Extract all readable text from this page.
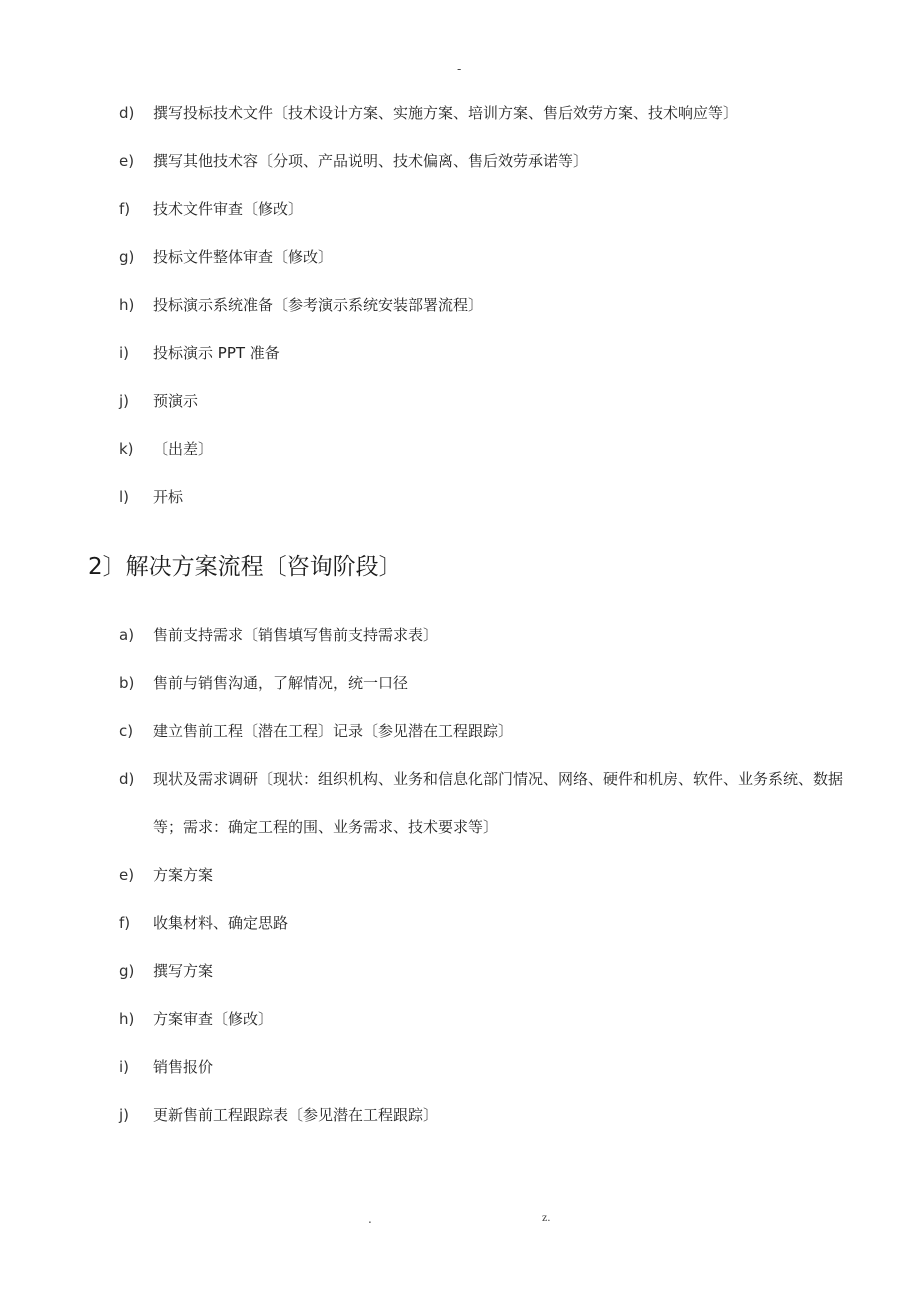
-
d)	撰写投标技术文件〔技术设计方案、实施方案、培训方案、售后效劳方案、技术响应等〕
e)	撰写其他技术容〔分项、产品说明、技术偏离、售后效劳承诺等〕
f)	技术文件审查〔修改〕
g)	投标文件整体审查〔修改〕
h)	投标演示系统准备〔参考演示系统安装部署流程〕
i)	投标演示 PPT 准备
j)	预演示
k)	〔出差〕
l)	开标
2〕解决方案流程〔咨询阶段〕
a)	售前支持需求〔销售填写售前支持需求表〕
b)	售前与销售沟通，了解情况，统一口径
c)	建立售前工程〔潜在工程〕记录〔参见潜在工程跟踪〕
d)	现状及需求调研〔现状：组织机构、业务和信息化部门情况、网络、硬件和机房、软件、业务系统、数据等；需求：确定工程的围、业务需求、技术要求等〕
e)	方案方案
f)	收集材料、确定思路
g)	撰写方案
h)	方案审查〔修改〕
i)	销售报价
j)	更新售前工程跟踪表〔参见潜在工程跟踪〕
.	z.
